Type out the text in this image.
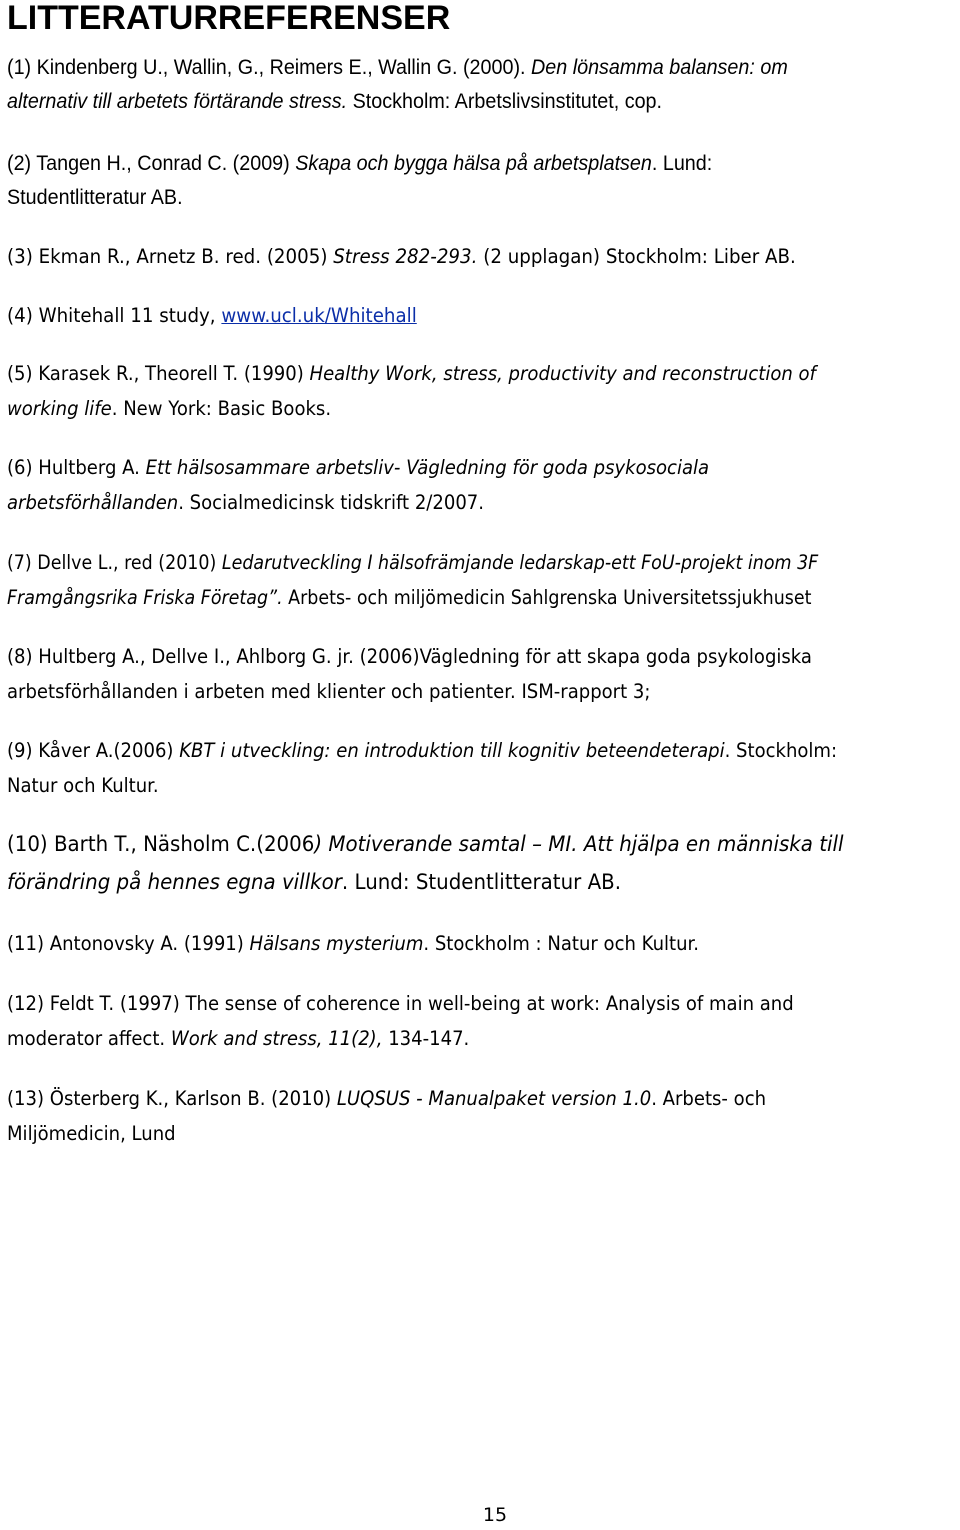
LITTERATURREFERENSER

(1) Kindenberg U., Wallin, G., Reimers E., Wallin G. (2000). Den lönsamma balansen: om
alternativ till arbetets förtärande stress. Stockholm: Arbetslivsinstitutet, cop.

(2) Tangen H., Conrad C. (2009) Skapa och bygga hälsa på arbetsplatsen. Lund:
Studentlitteratur AB.

(3) Ekman R., Arnetz B. red. (2005) Stress 282-293. (2 upplagan) Stockholm: Liber AB.

(4) Whitehall 11 study, www.ucl.uk/Whitehall

(5) Karasek R., Theorell T. (1990) Healthy Work, stress, productivity and reconstruction of
working life. New York: Basic Books.

(6) Hultberg A. Ett hälsosammare arbetsliv- Vägledning för goda psykosociala
arbetsförhållanden. Socialmedicinsk tidskrift 2/2007.

(7) Dellve L., red (2010) Ledarutveckling I hälsofrämjande ledarskap-ett FoU-projekt inom 3F
Framgångsrika Friska Företag”. Arbets- och miljömedicin Sahlgrenska Universitetssjukhuset

(8) Hultberg A., Dellve I., Ahlborg G. jr. (2006)Vägledning för att skapa goda psykologiska
arbetsförhållanden i arbeten med klienter och patienter. ISM-rapport 3;

(9) Kåver A.(2006) KBT i utveckling: en introduktion till kognitiv beteendeterapi. Stockholm:
Natur och Kultur.

(10) Barth T., Näsholm C.(2006) Motiverande samtal – MI. Att hjälpa en människa till
förändring på hennes egna villkor. Lund: Studentlitteratur AB.

(11) Antonovsky A. (1991) Hälsans mysterium. Stockholm : Natur och Kultur.

(12) Feldt T. (1997) The sense of coherence in well-being at work: Analysis of main and
moderator affect. Work and stress, 11(2), 134-147.

(13) Österberg K., Karlson B. (2010) LUQSUS - Manualpaket version 1.0. Arbets- och
Miljömedicin, Lund

15
